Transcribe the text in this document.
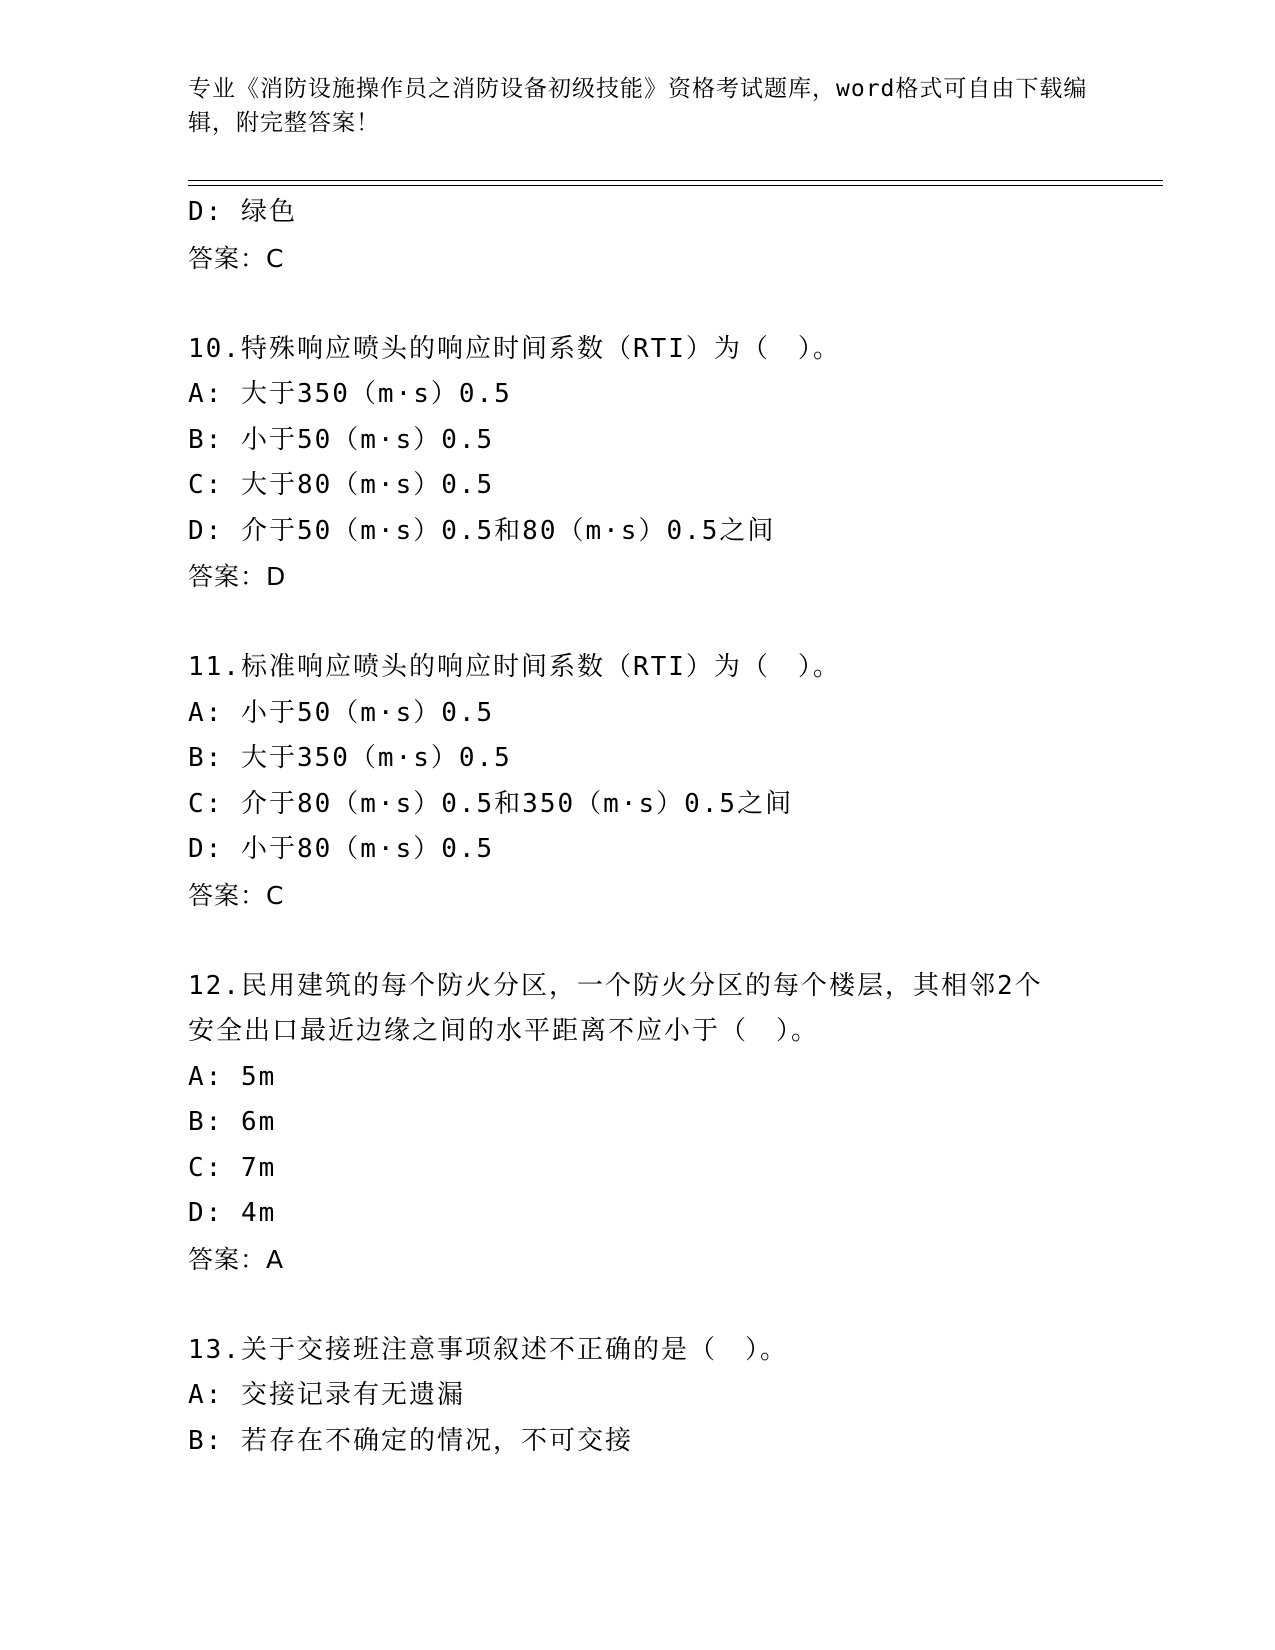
专业《消防设施操作员之消防设备初级技能》资格考试题库，word格式可自由下载编辑，附完整答案！
D: 绿色
答案：C
10.特殊响应喷头的响应时间系数（RTI）为（　）。
A: 大于350（m·s）0.5
B: 小于50（m·s）0.5
C: 大于80（m·s）0.5
D: 介于50（m·s）0.5和80（m·s）0.5之间
答案：D
11.标准响应喷头的响应时间系数（RTI）为（　）。
A: 小于50（m·s）0.5
B: 大于350（m·s）0.5
C: 介于80（m·s）0.5和350（m·s）0.5之间
D: 小于80（m·s）0.5
答案：C
12.民用建筑的每个防火分区，一个防火分区的每个楼层，其相邻2个安全出口最近边缘之间的水平距离不应小于（　）。
A: 5m
B: 6m
C: 7m
D: 4m
答案：A
13.关于交接班注意事项叙述不正确的是（　）。
A: 交接记录有无遗漏
B: 若存在不确定的情况，不可交接
